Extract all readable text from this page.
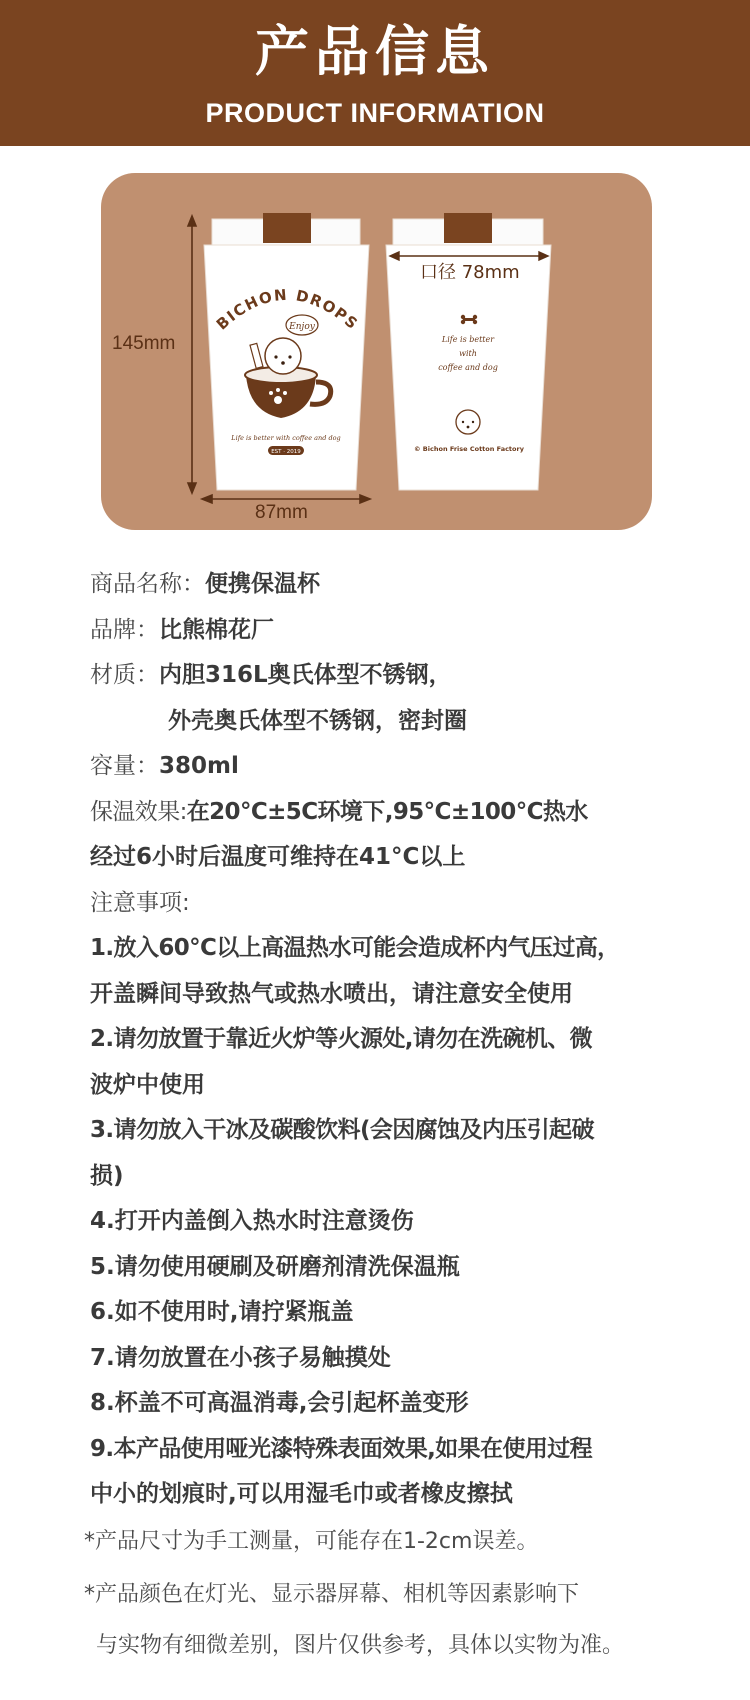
产品信息
PRODUCT INFORMATION
BICHON DROPS
Enjoy
Life is better with coffee and dog
EST · 2019
Life is better
with
coffee and dog
© Bichon Frise Cotton Factory
145mm
87mm
口径 78mm
商品名称：便携保温杯
品牌：比熊棉花厂
材质：内胆316L奥氏体型不锈钢，
外壳奥氏体型不锈钢，密封圈
容量：380ml
保温效果:在20°C±5C环境下,95°C±100°C热水
经过6小时后温度可维持在41°C以上
注意事项:
1.放入60°C以上高温热水可能会造成杯内气压过高，
开盖瞬间导致热气或热水喷出，请注意安全使用
2.请勿放置于靠近火炉等火源处,请勿在洗碗机、微
波炉中使用
3.请勿放入干冰及碳酸饮料(会因腐蚀及内压引起破
损)
4.打开内盖倒入热水时注意烫伤
5.请勿使用硬刷及研磨剂清洗保温瓶
6.如不使用时,请拧紧瓶盖
7.请勿放置在小孩子易触摸处
8.杯盖不可高温消毒,会引起杯盖变形
9.本产品使用哑光漆特殊表面效果,如果在使用过程
中小的划痕时,可以用湿毛巾或者橡皮擦拭
*产品尺寸为手工测量，可能存在1-2cm误差。
*产品颜色在灯光、显示器屏幕、相机等因素影响下
与实物有细微差别，图片仅供参考，具体以实物为准。
